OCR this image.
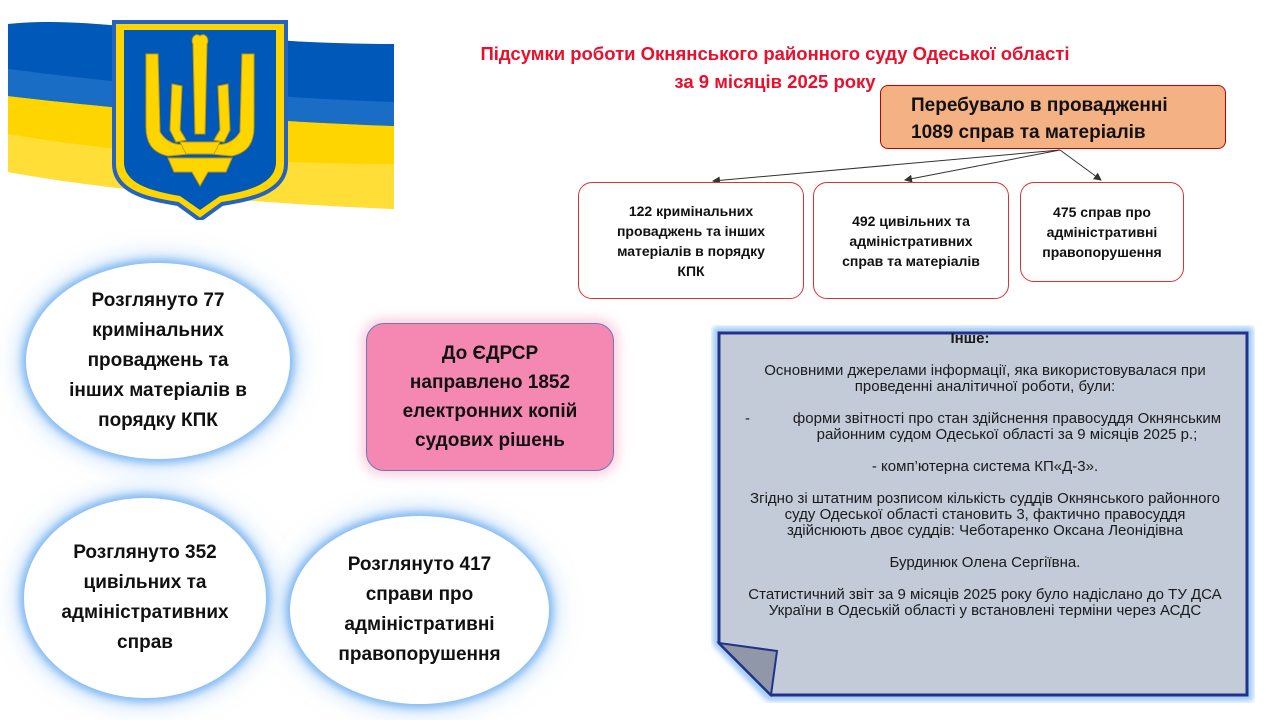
Підсумки роботи Окнянського районного суду Одеської області
за 9 місяців 2025 року
Перебувало в провадженні
1089 справ та матеріалів
122 кримінальних
проваджень та інших
матеріалів в порядку
КПК
492 цивільних та
адміністративних
справ та матеріалів
475 справ про
адміністративні
правопорушення
Розглянуто 77
кримінальних
проваджень та
інших матеріалів в
порядку КПК
Розглянуто 352
цивільних та
адміністративних
справ
Розглянуто 417
справи про
адміністративні
правопорушення
До ЄДРСР
направлено 1852
електронних копій
судових рішень

Інше:

Основними джерелами інформації, яка використовувалася при проведенні аналітичної роботи, були:

-	форми звітності про стан здійснення правосуддя Окнянським районним судом Одеської області за 9 місяців 2025 р.;

- комп’ютерна система КП«Д-3».

Згідно зі штатним розписом кількість суддів Окнянського районного суду Одеської області становить 3, фактично правосуддя здійснюють двоє суддів: Чеботаренко Оксана Леонідівна

Бурдинюк Олена Сергіївна.

Статистичний звіт за 9 місяців 2025 року було надіслано до ТУ ДСА України в Одеській області у встановлені терміни через АСДС
